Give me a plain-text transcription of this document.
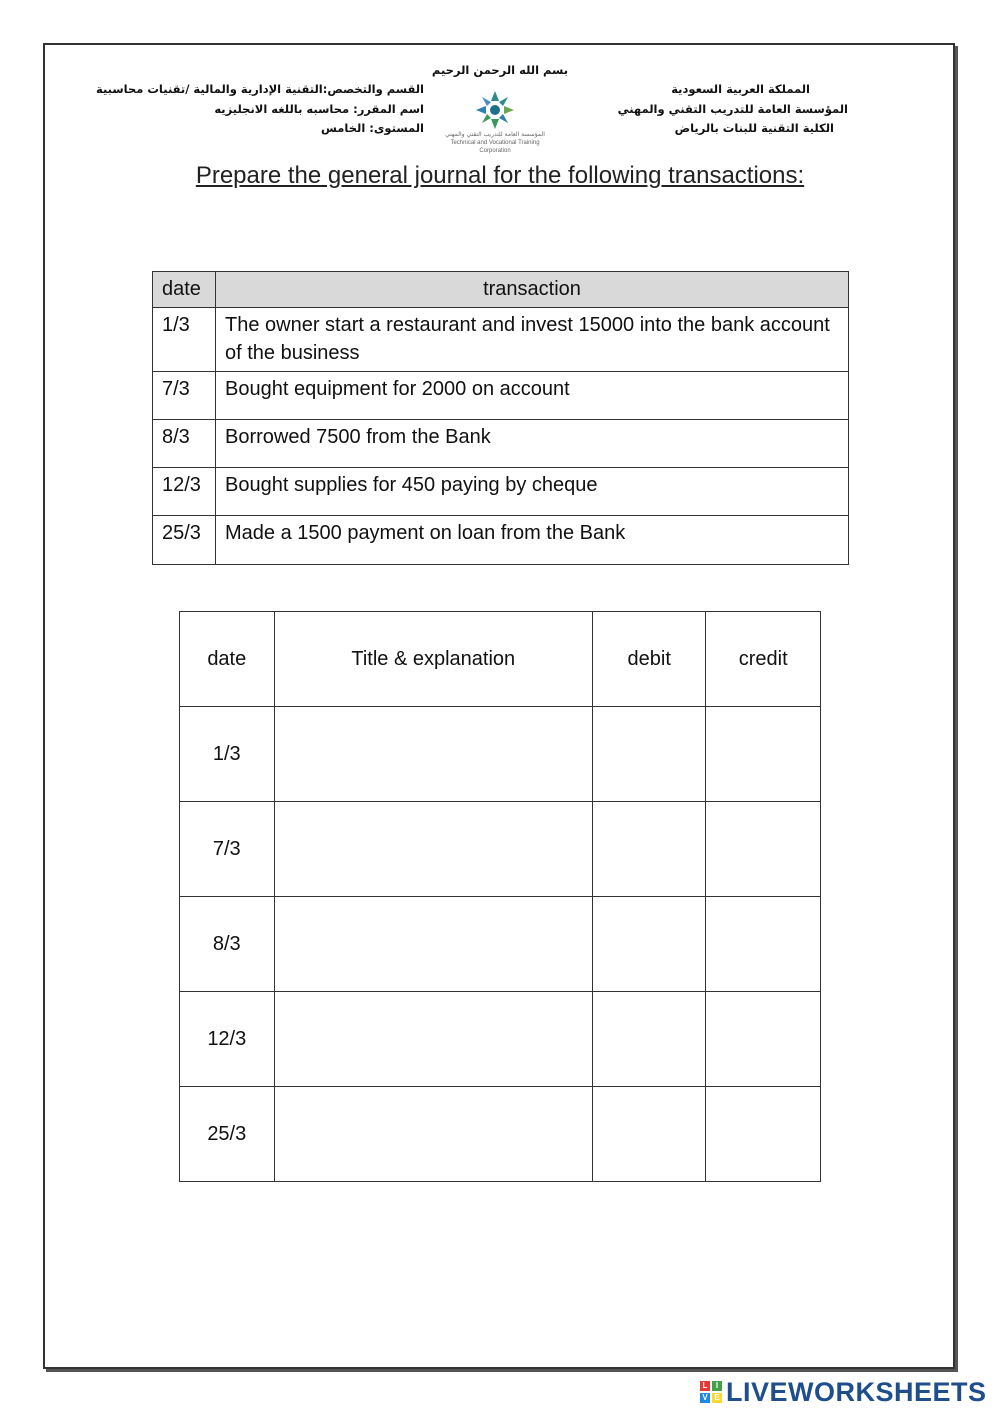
بسم الله الرحمن الرحيم
المملكة العربية السعودية
المؤسسة العامة للتدريب التقني والمهني
الكلية التقنية للبنات بالرياض
القسم والتخصص:التقنية الإدارية والمالية /تقنيات محاسبية
اسم المقرر: محاسبه باللغه الانجليزيه
المستوى: الخامس	المؤسسة العامة للتدريب التقني والمهني
Technical and Vocational Training Corporation
Prepare the general journal for the following transactions:
date	transaction
1/3	The owner start a restaurant and invest 15000 into the bank account of the business
7/3	Bought equipment for 2000 on account
8/3	Borrowed 7500 from the Bank
12/3	Bought supplies for 450 paying by cheque
25/3	Made a 1500 payment on loan from the Bank
date	Title & explanation	debit	credit
1/3			
7/3			
8/3			
12/3			
25/3			
L	I
V E LIVEWORKSHEETS
